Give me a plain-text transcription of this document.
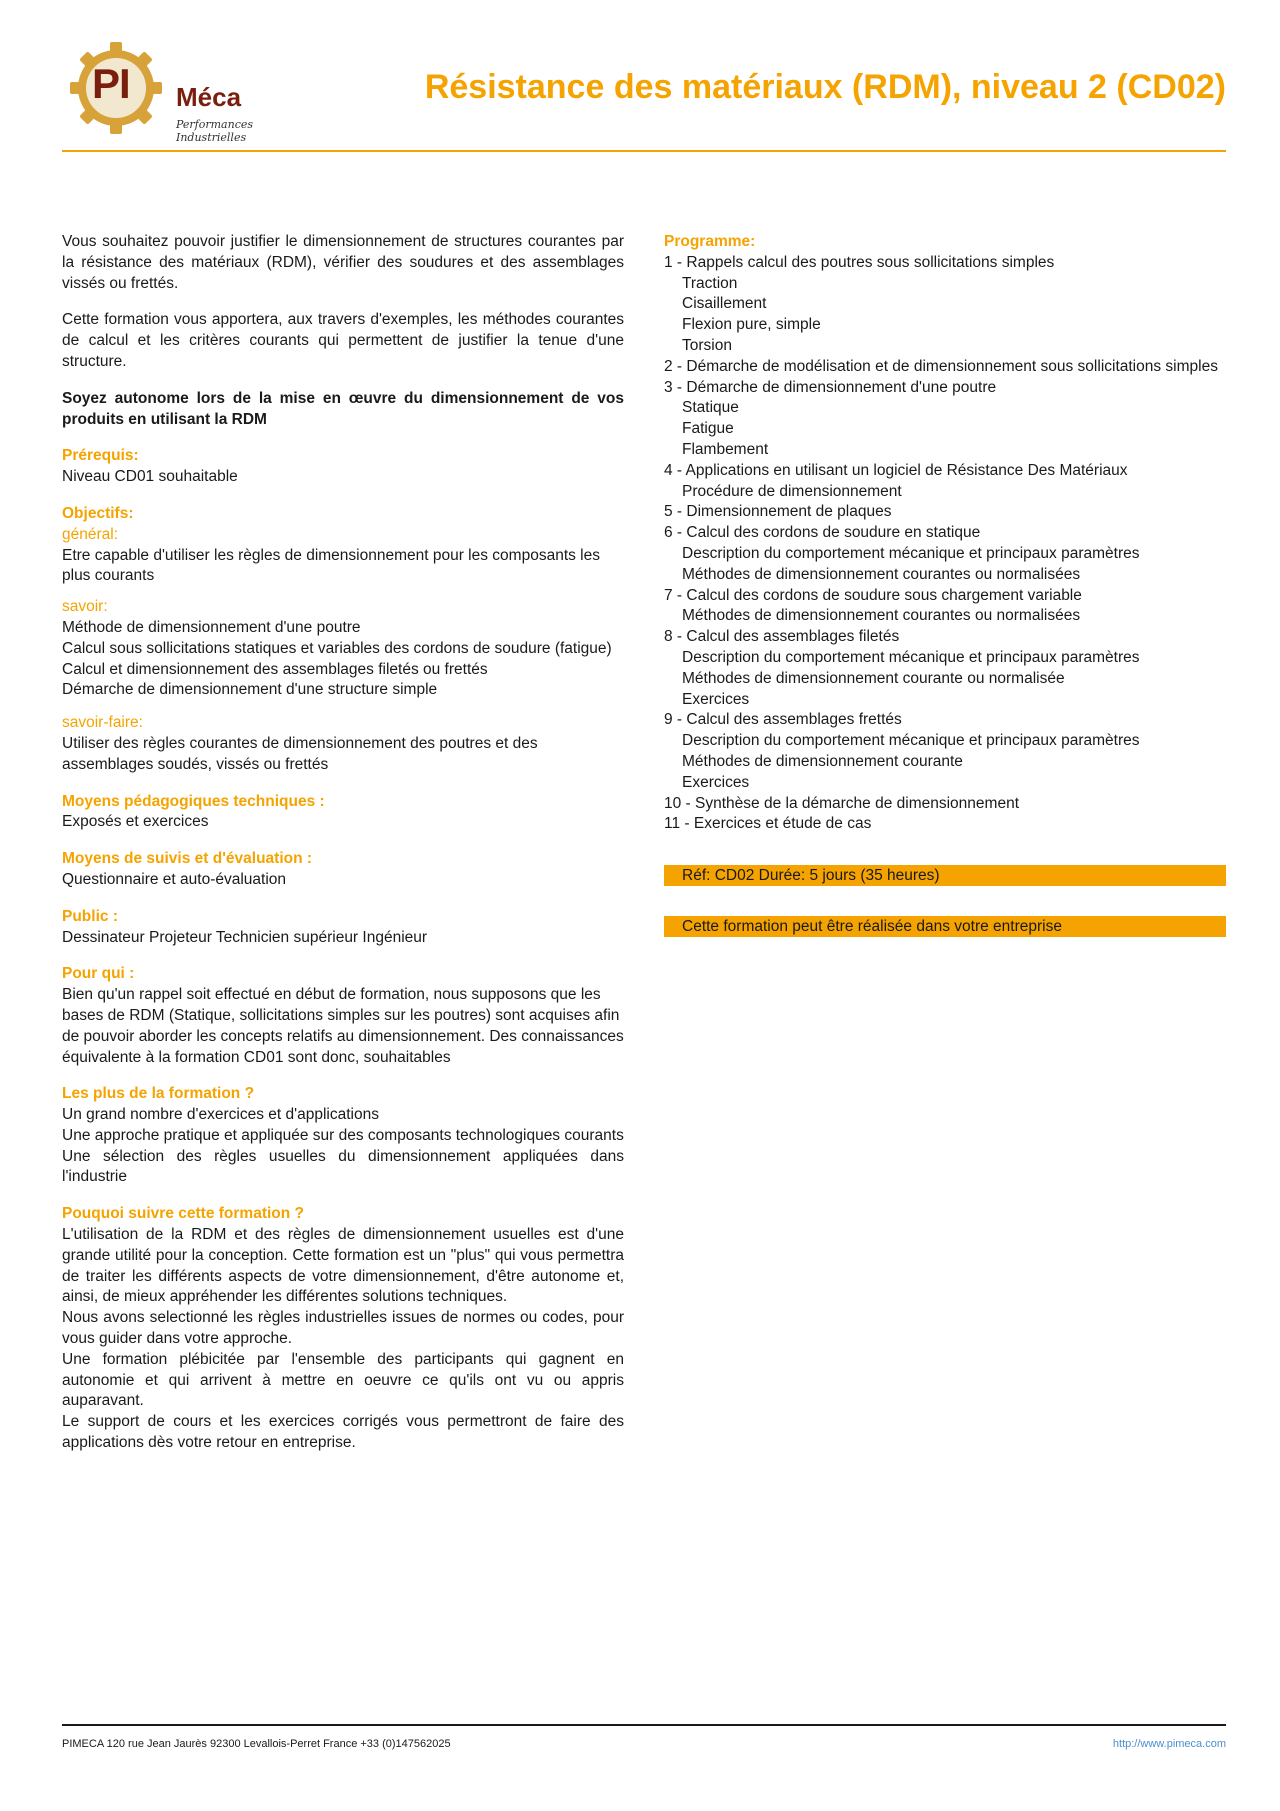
PI Méca
Performances Industrielles
Résistance des matériaux (RDM), niveau 2 (CD02)
Vous souhaitez pouvoir justifier le dimensionnement de structures courantes par la résistance des matériaux (RDM), vérifier des soudures et des assemblages vissés ou frettés.
Cette formation vous apportera, aux travers d'exemples, les méthodes courantes de calcul et les critères courants qui permettent de justifier la tenue d'une structure.
Soyez autonome lors de la mise en œuvre du dimensionnement de vos produits en utilisant la RDM
Prérequis:
Niveau CD01 souhaitable
Objectifs:
général:
Etre capable d'utiliser les règles de dimensionnement pour les composants les plus courants
savoir:
Méthode de dimensionnement d'une poutre
Calcul sous sollicitations statiques et variables des cordons de soudure (fatigue)
Calcul et dimensionnement des assemblages filetés ou frettés
Démarche de dimensionnement d'une structure simple
savoir-faire:
Utiliser des règles courantes de dimensionnement des poutres et des assemblages soudés, vissés ou frettés
Moyens pédagogiques techniques :
Exposés et exercices
Moyens de suivis et d'évaluation :
Questionnaire et auto-évaluation
Public :
Dessinateur Projeteur Technicien supérieur Ingénieur
Pour qui :
Bien qu'un rappel soit effectué en début de formation, nous supposons que les bases de RDM (Statique, sollicitations simples sur les poutres) sont acquises afin de pouvoir aborder les concepts relatifs au dimensionnement. Des connaissances équivalente à la formation CD01 sont donc, souhaitables
Les plus de la formation ?
Un grand nombre d'exercices et d'applications
Une approche pratique et appliquée sur des composants technologiques courants
Une sélection des règles usuelles du dimensionnement appliquées dans l'industrie
Pouquoi suivre cette formation ?
L'utilisation de la RDM et des règles de dimensionnement usuelles est d'une grande utilité pour la conception. Cette formation est un "plus" qui vous permettra de traiter les différents aspects de votre dimensionnement, d'être autonome et, ainsi, de mieux appréhender les différentes solutions techniques.
Nous avons selectionné les règles industrielles issues de normes ou codes, pour vous guider dans votre approche.
Une formation plébicitée par l'ensemble des participants qui gagnent en autonomie et qui arrivent à mettre en oeuvre ce qu'ils ont vu ou appris auparavant.
Le support de cours et les exercices corrigés vous permettront de faire des applications dès votre retour en entreprise.
Programme:
1 - Rappels calcul des poutres sous sollicitations simples
Traction
Cisaillement
Flexion pure, simple
Torsion
2 - Démarche de modélisation et de dimensionnement sous sollicitations simples
3 - Démarche de dimensionnement d'une poutre
Statique
Fatigue
Flambement
4 - Applications en utilisant un logiciel de Résistance Des Matériaux
Procédure de dimensionnement
5 - Dimensionnement de plaques
6 - Calcul des cordons de soudure en statique
Description du comportement mécanique et principaux paramètres
Méthodes de dimensionnement courantes ou normalisées
7 - Calcul des cordons de soudure sous chargement variable
Méthodes de dimensionnement courantes ou normalisées
8 - Calcul des assemblages filetés
Description du comportement mécanique et principaux paramètres
Méthodes de dimensionnement courante ou normalisée
Exercices
9 - Calcul des assemblages frettés
Description du comportement mécanique et principaux paramètres
Méthodes de dimensionnement courante
Exercices
10 - Synthèse de la démarche de dimensionnement
11 - Exercices et étude de cas
Réf: CD02 Durée: 5 jours (35 heures)
Cette formation peut être réalisée dans votre entreprise
PIMECA 120 rue Jean Jaurès 92300 Levallois-Perret France +33 (0)147562025	http://www.pimeca.com
